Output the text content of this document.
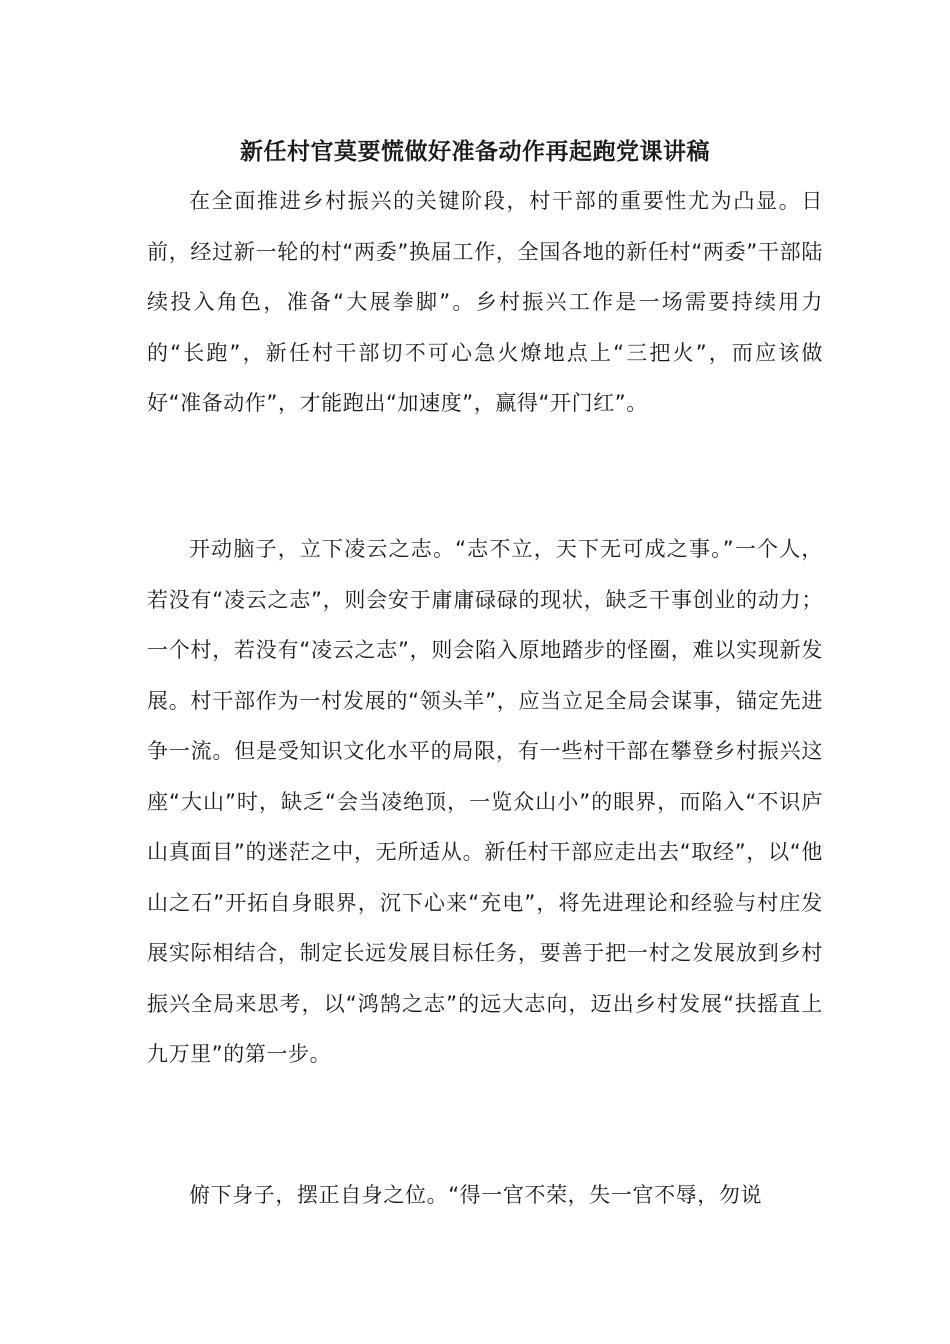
新任村官莫要慌做好准备动作再起跑党课讲稿

在全面推进乡村振兴的关键阶段，村干部的重要性尤为凸显。日前，经过新一轮的村“两委”换届工作，全国各地的新任村“两委”干部陆续投入角色，准备“大展拳脚”。乡村振兴工作是一场需要持续用力的“长跑”，新任村干部切不可心急火燎地点上“三把火”，而应该做好“准备动作”，才能跑出“加速度”，赢得“开门红”。

开动脑子，立下凌云之志。“志不立，天下无可成之事。”一个人，若没有“凌云之志”，则会安于庸庸碌碌的现状，缺乏干事创业的动力；一个村，若没有“凌云之志”，则会陷入原地踏步的怪圈，难以实现新发展。村干部作为一村发展的“领头羊”，应当立足全局会谋事，锚定先进争一流。但是受知识文化水平的局限，有一些村干部在攀登乡村振兴这座“大山”时，缺乏“会当凌绝顶，一览众山小”的眼界，而陷入“不识庐山真面目”的迷茫之中，无所适从。新任村干部应走出去“取经”，以“他山之石”开拓自身眼界，沉下心来“充电”，将先进理论和经验与村庄发展实际相结合，制定长远发展目标任务，要善于把一村之发展放到乡村振兴全局来思考，以“鸿鹄之志”的远大志向，迈出乡村发展“扶摇直上九万里”的第一步。

俯下身子，摆正自身之位。“得一官不荣，失一官不辱，勿说
